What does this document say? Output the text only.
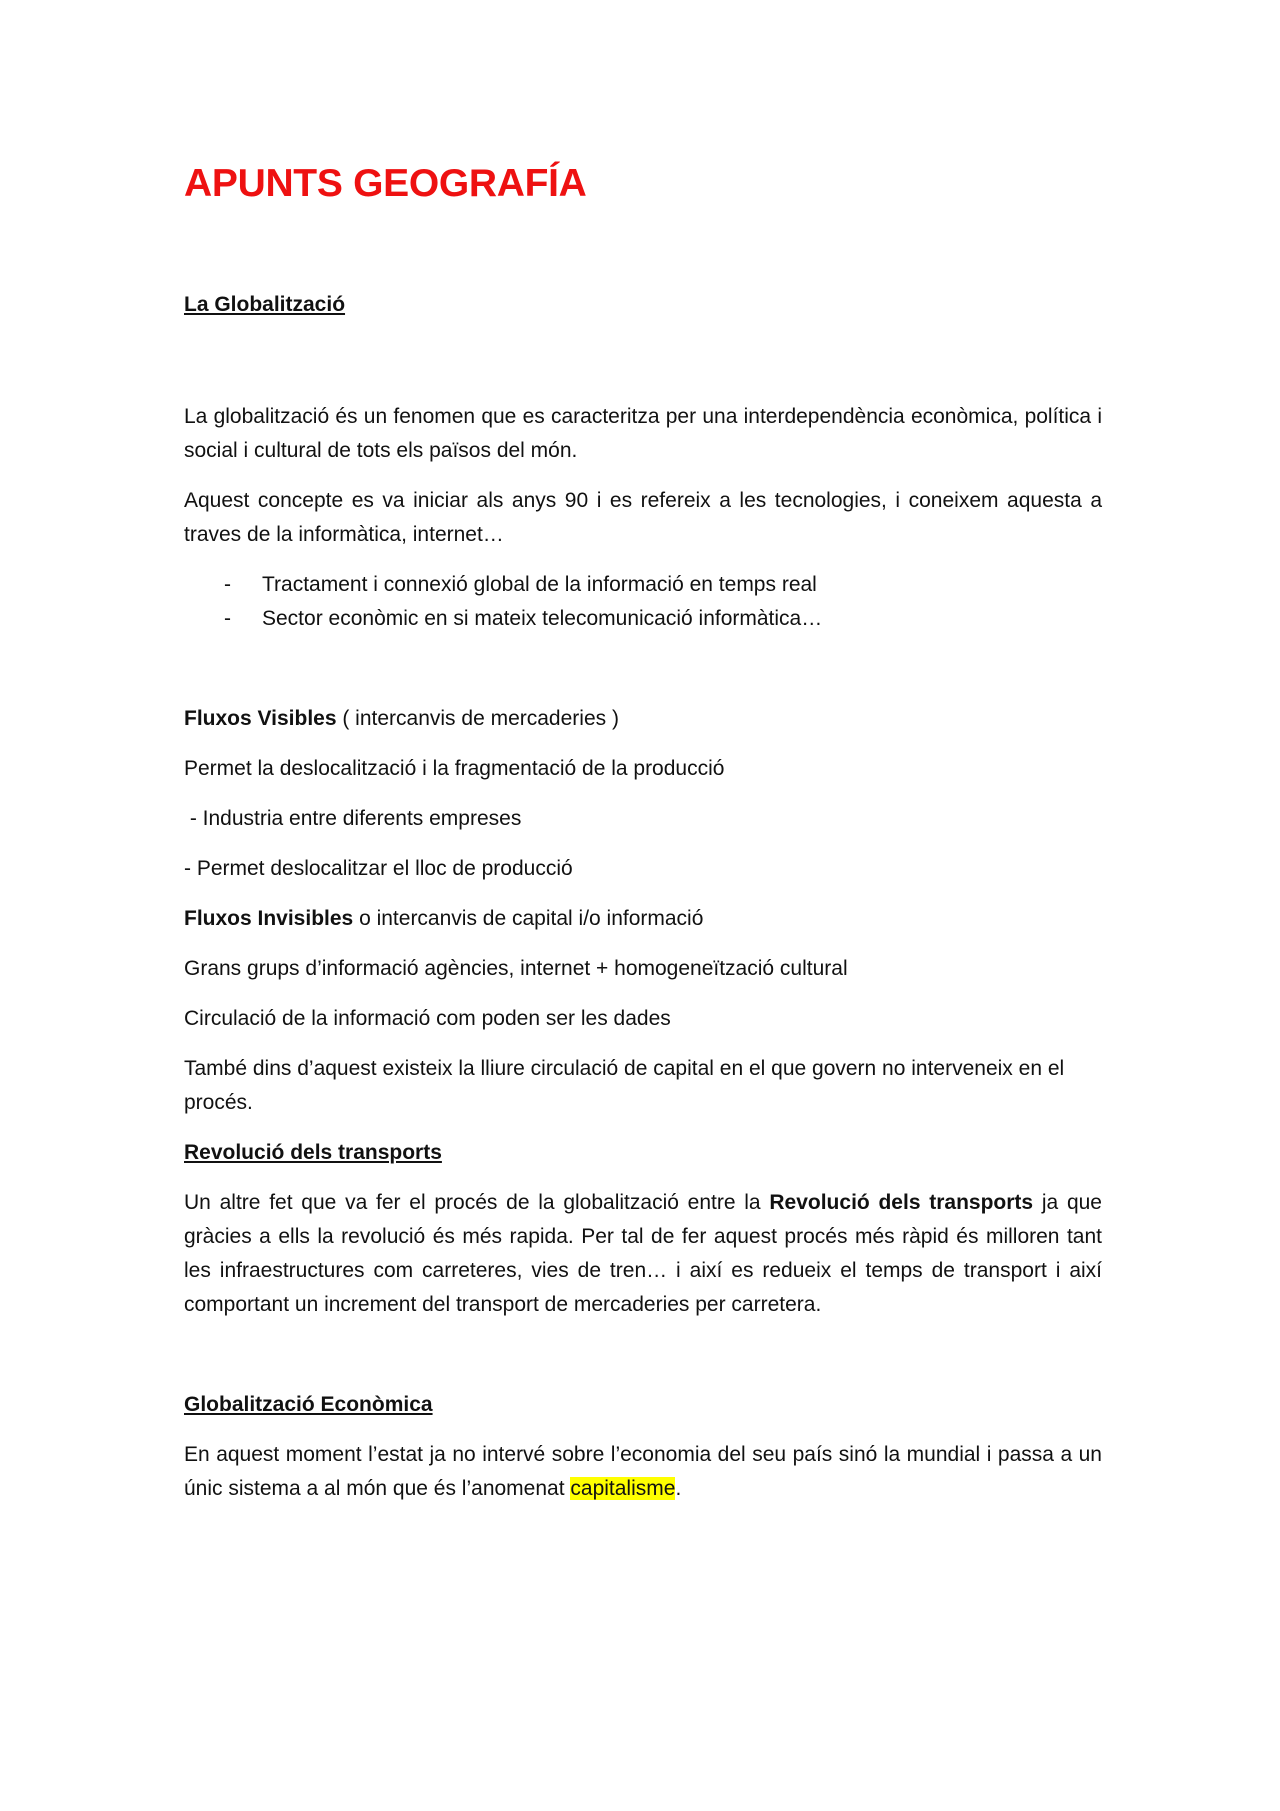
APUNTS GEOGRAFÍA
La Globalització

La globalització és un fenomen que es caracteritza per una interdependència econòmica, política i social i cultural de tots els països del món.

Aquest concepte es va iniciar als anys 90 i es refereix a les tecnologies, i coneixem aquesta a traves de la informàtica, internet…

- Tractament i connexió global de la informació en temps real
- Sector econòmic en si mateix telecomunicació informàtica…

Fluxos Visibles ( intercanvis de mercaderies )

Permet la deslocalització i la fragmentació de la producció

- Industria entre diferents empreses

- Permet deslocalitzar el lloc de producció

Fluxos Invisibles o intercanvis de capital i/o informació

Grans grups d’informació agències, internet + homogeneïtzació cultural

Circulació de la informació com poden ser les dades

També dins d’aquest existeix la lliure circulació de capital en el que govern no interveneix en el procés.

Revolució dels transports

Un altre fet que va fer el procés de la globalització entre la Revolució dels transports ja que gràcies a ells la revolució és més rapida. Per tal de fer aquest procés més ràpid és milloren tant les infraestructures com carreteres, vies de tren… i així es redueix el temps de transport i així comportant un increment del transport de mercaderies per carretera.

Globalització Econòmica

En aquest moment l’estat ja no intervé sobre l’economia del seu país sinó la mundial i passa a un únic sistema a al món que és l’anomenat capitalisme.
